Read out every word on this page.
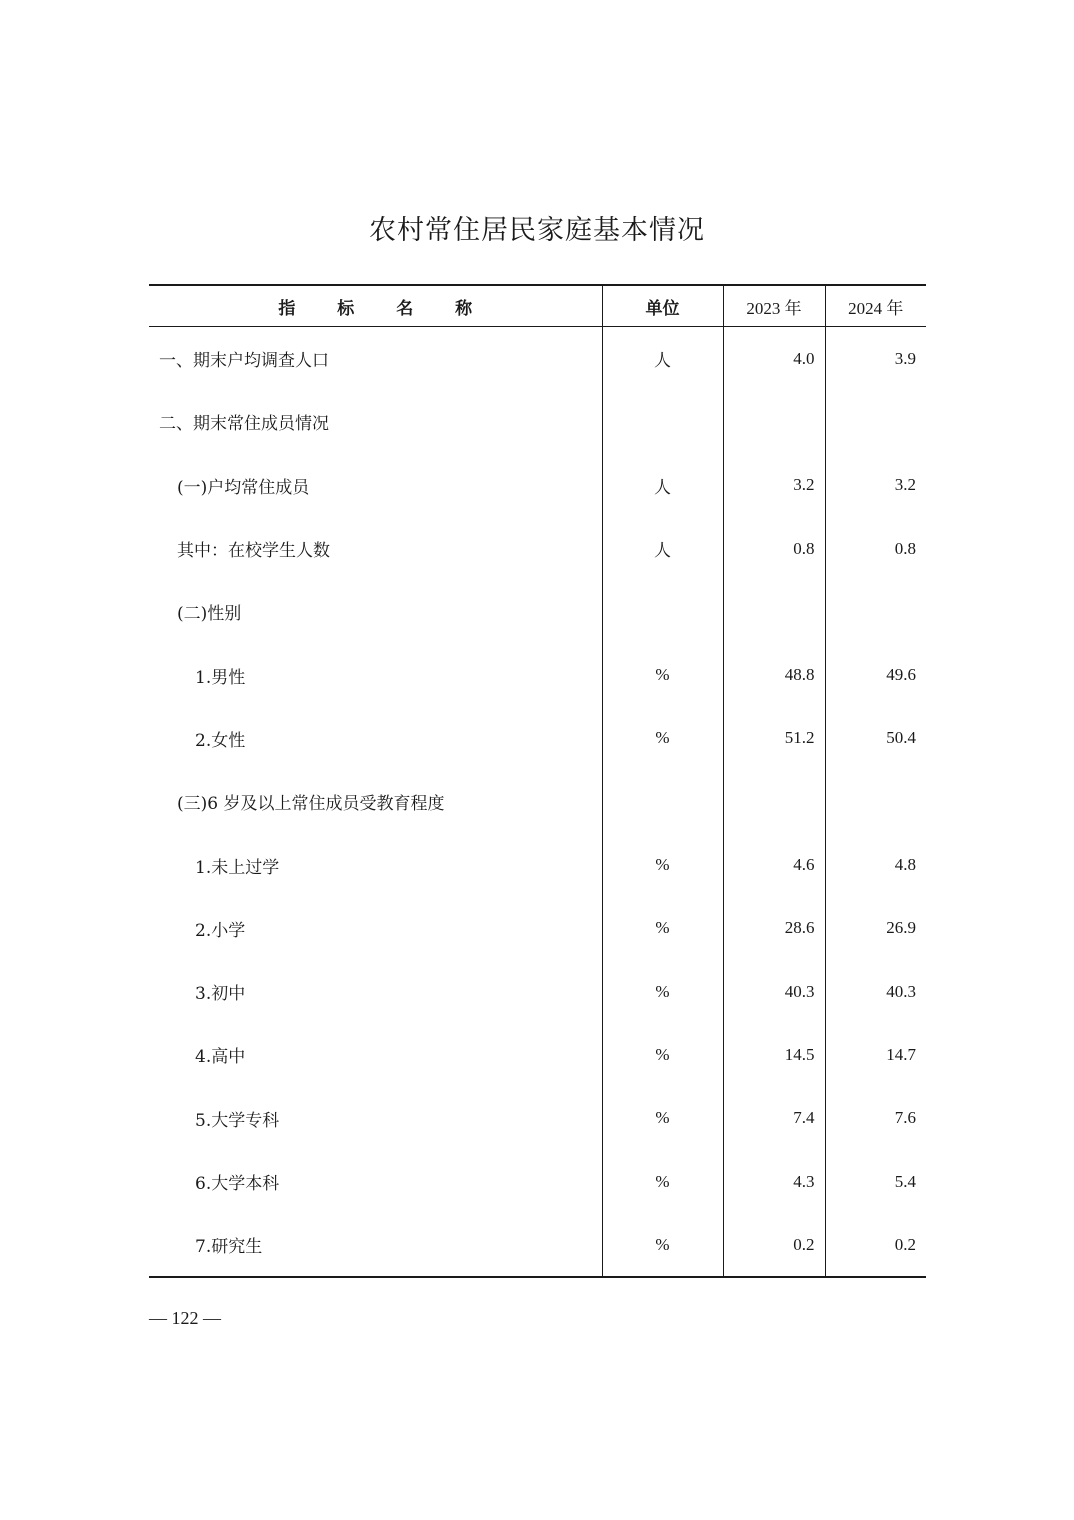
农村常住居民家庭基本情况
指 标 名 称	单位	2023 年	2024 年
一、期末户均调查人口	人	4.0	3.9
二、期末常住成员情况			
(一)户均常住成员	人	3.2	3.2
其中：在校学生人数	人	0.8	0.8
(二)性别			
1.男性	%	48.8	49.6
2.女性	%	51.2	50.4
(三)6 岁及以上常住成员受教育程度			
1.未上过学	%	4.6	4.8
2.小学	%	28.6	26.9
3.初中	%	40.3	40.3
4.高中	%	14.5	14.7
5.大学专科	%	7.4	7.6
6.大学本科	%	4.3	5.4
7.研究生	%	0.2	0.2
— 122 —
